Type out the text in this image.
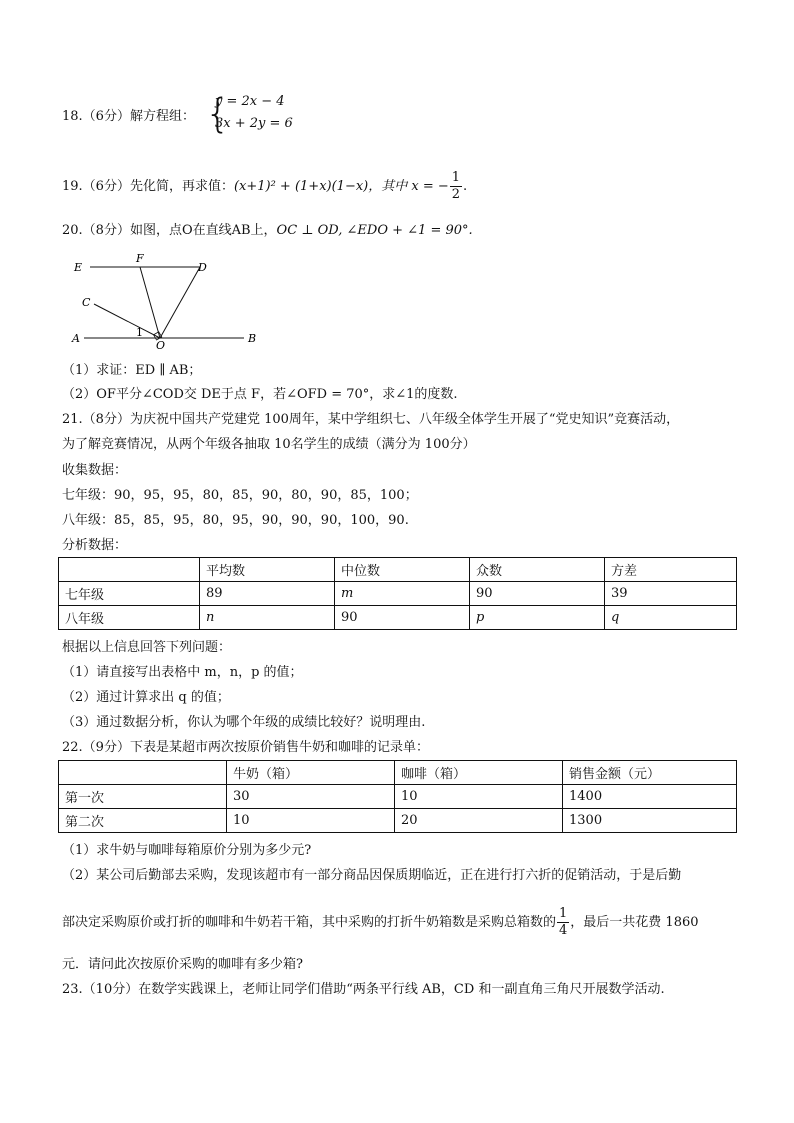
18.（6分）解方程组： {
y = 2x − 4
3x + 2y = 6
19.（6分）先化简，再求值：(x+1)² + (1+x)(1−x)，其中 x = − $\frac{1}{2}$ .
20.（8分）如图，点O在直线AB上，OC ⊥ OD, ∠EDO + ∠1 = 90°.
E
F
D
C
A
O
B
1
（1）求证：ED ∥ AB；
（2）OF平分∠COD交 DE于点 F，若∠OFD = 70°，求∠1的度数.
21.（8分）为庆祝中国共产党建党 100周年，某中学组织七、八年级全体学生开展了“党史知识”竞赛活动，
为了解竞赛情况，从两个年级各抽取 10名学生的成绩（满分为 100分）
收集数据：
七年级：90，95，95，80，85，90，80，90，85，100；
八年级：85，85，95，80，95，90，90，90，100，90.
分析数据：
	平均数	中位数	众数	方差
七年级	89	m	90	39
八年级	n	90	p	q
根据以上信息回答下列问题：
（1）请直接写出表格中 m，n，p 的值；
（2）通过计算求出 q 的值；
（3）通过数据分析，你认为哪个年级的成绩比较好？说明理由.
22.（9分）下表是某超市两次按原价销售牛奶和咖啡的记录单：
	牛奶（箱）	咖啡（箱）	销售金额（元）
第一次	30	10	1400
第二次	10	20	1300
（1）求牛奶与咖啡每箱原价分别为多少元?
（2）某公司后勤部去采购，发现该超市有一部分商品因保质期临近，正在进行打六折的促销活动，于是后勤
部决定采购原价或打折的咖啡和牛奶若干箱，其中采购的打折牛奶箱数是采购总箱数的 $\frac{1}{4}$ ，最后一共花费 1860
元．请问此次按原价采购的咖啡有多少箱?
23.（10分）在数学实践课上，老师让同学们借助“两条平行线 AB，CD 和一副直角三角尺开展数学活动.
